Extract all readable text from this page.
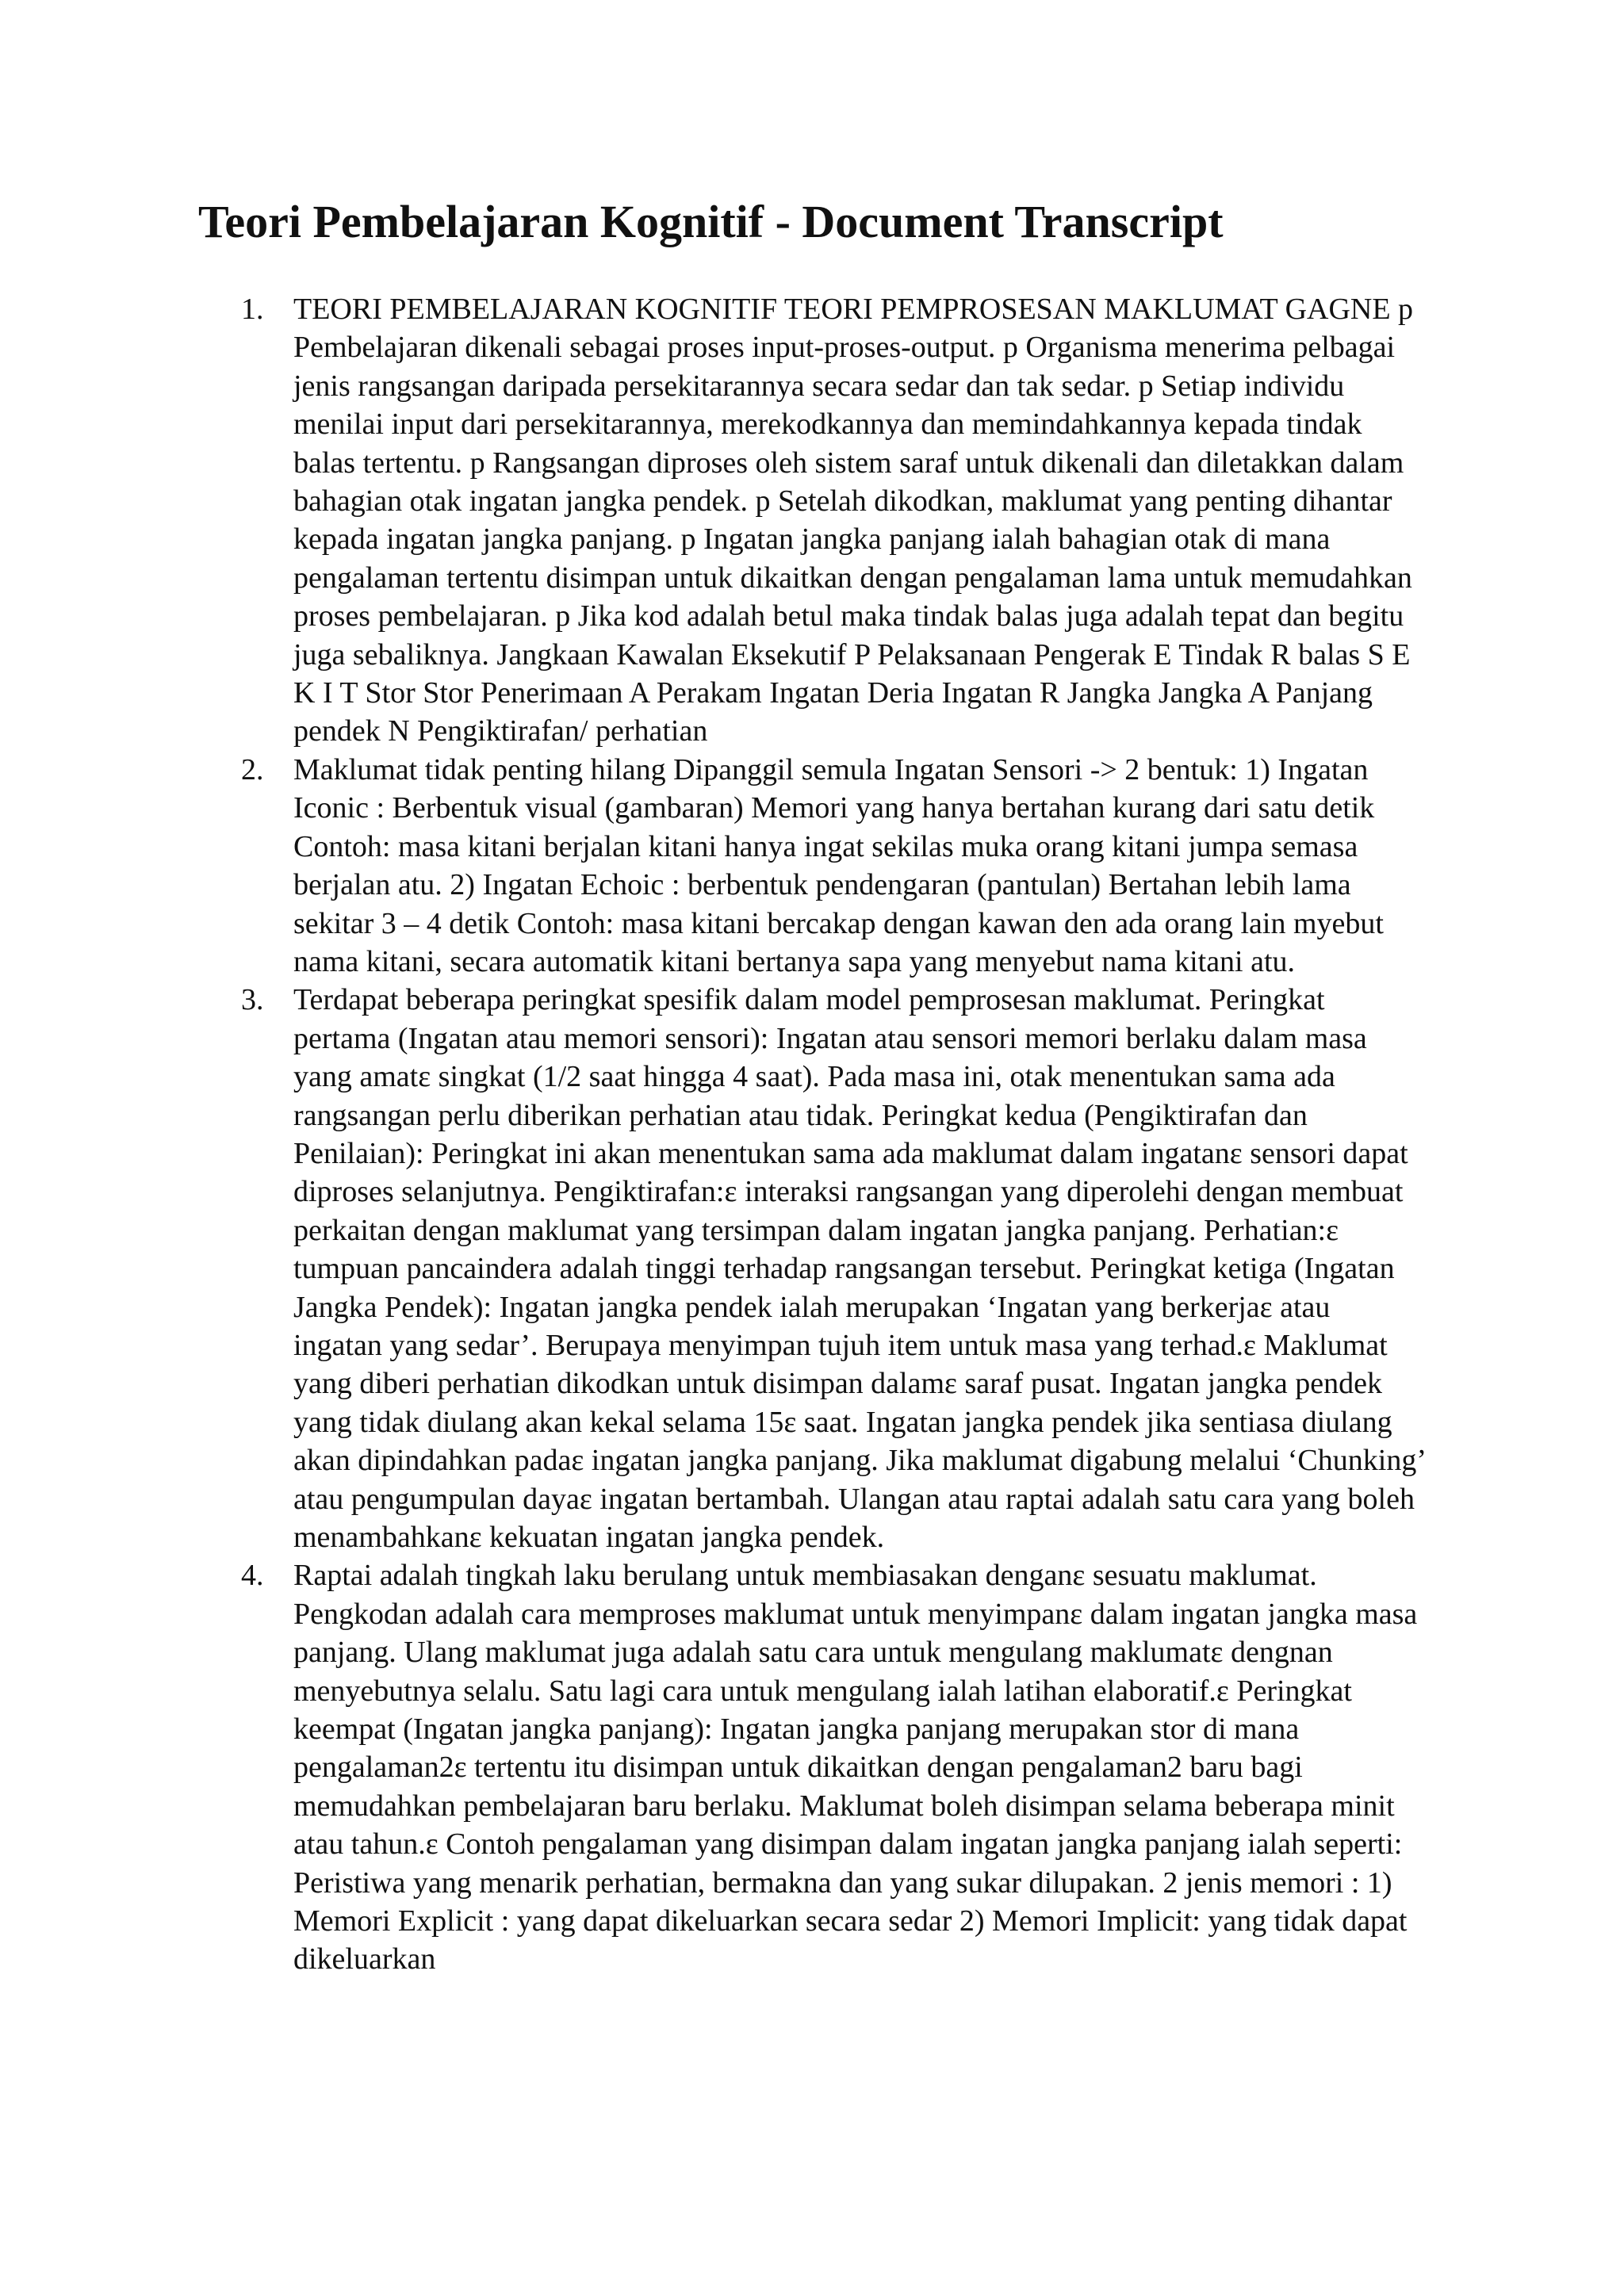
Teori Pembelajaran Kognitif - Document Transcript
1. TEORI PEMBELAJARAN KOGNITIF TEORI PEMPROSESAN MAKLUMAT GAGNE p Pembelajaran dikenali sebagai proses input-proses-output. p Organisma menerima pelbagai jenis rangsangan daripada persekitarannya secara sedar dan tak sedar. p Setiap individu menilai input dari persekitarannya, merekodkannya dan memindahkannya kepada tindak balas tertentu. p Rangsangan diproses oleh sistem saraf untuk dikenali dan diletakkan dalam bahagian otak ingatan jangka pendek. p Setelah dikodkan, maklumat yang penting dihantar kepada ingatan jangka panjang. p Ingatan jangka panjang ialah bahagian otak di mana pengalaman tertentu disimpan untuk dikaitkan dengan pengalaman lama untuk memudahkan proses pembelajaran. p Jika kod adalah betul maka tindak balas juga adalah tepat dan begitu juga sebaliknya. Jangkaan Kawalan Eksekutif P Pelaksanaan Pengerak E Tindak R balas S E K I T Stor Stor Penerimaan A Perakam Ingatan Deria Ingatan R Jangka Jangka A Panjang pendek N Pengiktirafan/ perhatian
2. Maklumat tidak penting hilang Dipanggil semula Ingatan Sensori -> 2 bentuk: 1) Ingatan Iconic : Berbentuk visual (gambaran) Memori yang hanya bertahan kurang dari satu detik Contoh: masa kitani berjalan kitani hanya ingat sekilas muka orang kitani jumpa semasa berjalan atu. 2) Ingatan Echoic : berbentuk pendengaran (pantulan) Bertahan lebih lama sekitar 3 – 4 detik Contoh: masa kitani bercakap dengan kawan den ada orang lain myebut nama kitani, secara automatik kitani bertanya sapa yang menyebut nama kitani atu.
3. Terdapat beberapa peringkat spesifik dalam model pemprosesan maklumat. Peringkat pertama (Ingatan atau memori sensori): Ingatan atau sensori memori berlaku dalam masa yang amatε singkat (1/2 saat hingga 4 saat). Pada masa ini, otak menentukan sama ada rangsangan perlu diberikan perhatian atau tidak. Peringkat kedua (Pengiktirafan dan Penilaian): Peringkat ini akan menentukan sama ada maklumat dalam ingatanε sensori dapat diproses selanjutnya. Pengiktirafan:ε interaksi rangsangan yang diperolehi dengan membuat perkaitan dengan maklumat yang tersimpan dalam ingatan jangka panjang. Perhatian:ε tumpuan pancaindera adalah tinggi terhadap rangsangan tersebut. Peringkat ketiga (Ingatan Jangka Pendek): Ingatan jangka pendek ialah merupakan ‘Ingatan yang berkerjaε atau ingatan yang sedar’. Berupaya menyimpan tujuh item untuk masa yang terhad.ε Maklumat yang diberi perhatian dikodkan untuk disimpan dalamε saraf pusat. Ingatan jangka pendek yang tidak diulang akan kekal selama 15ε saat. Ingatan jangka pendek jika sentiasa diulang akan dipindahkan padaε ingatan jangka panjang. Jika maklumat digabung melalui ‘Chunking’ atau pengumpulan dayaε ingatan bertambah. Ulangan atau raptai adalah satu cara yang boleh menambahkanε kekuatan ingatan jangka pendek.
4. Raptai adalah tingkah laku berulang untuk membiasakan denganε sesuatu maklumat. Pengkodan adalah cara memproses maklumat untuk menyimpanε dalam ingatan jangka masa panjang. Ulang maklumat juga adalah satu cara untuk mengulang maklumatε dengnan menyebutnya selalu. Satu lagi cara untuk mengulang ialah latihan elaboratif.ε Peringkat keempat (Ingatan jangka panjang): Ingatan jangka panjang merupakan stor di mana pengalaman2ε tertentu itu disimpan untuk dikaitkan dengan pengalaman2 baru bagi memudahkan pembelajaran baru berlaku. Maklumat boleh disimpan selama beberapa minit atau tahun.ε Contoh pengalaman yang disimpan dalam ingatan jangka panjang ialah seperti: Peristiwa yang menarik perhatian, bermakna dan yang sukar dilupakan. 2 jenis memori : 1) Memori Explicit : yang dapat dikeluarkan secara sedar 2) Memori Implicit: yang tidak dapat dikeluarkan
